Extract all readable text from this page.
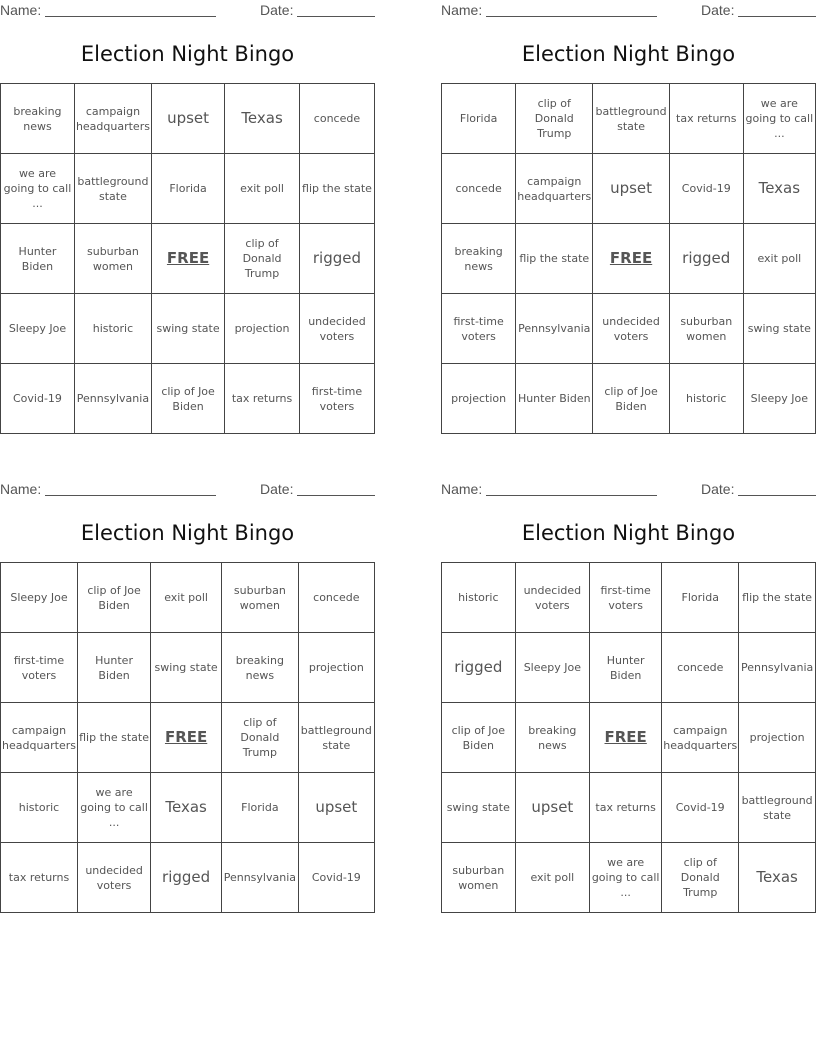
Name:	Date:
Election Night Bingo
breaking news	campaign headquarters	upset	Texas	concede
we are going to call ...	battleground state	Florida	exit poll	flip the state
Hunter Biden	suburban women	FREE	clip of Donald Trump	rigged
Sleepy Joe	historic	swing state	projection	undecided voters
Covid-19	Pennsylvania	clip of Joe Biden	tax returns	first-time voters
Name:	Date:
Election Night Bingo
Florida	clip of Donald Trump	battleground state	tax returns	we are going to call ...
concede	campaign headquarters	upset	Covid-19	Texas
breaking news	flip the state	FREE	rigged	exit poll
first-time voters	Pennsylvania	undecided voters	suburban women	swing state
projection	Hunter Biden	clip of Joe Biden	historic	Sleepy Joe
Name:	Date:
Election Night Bingo
Sleepy Joe	clip of Joe Biden	exit poll	suburban women	concede
first-time voters	Hunter Biden	swing state	breaking news	projection
campaign headquarters	flip the state	FREE	clip of Donald Trump	battleground state
historic	we are going to call ...	Texas	Florida	upset
tax returns	undecided voters	rigged	Pennsylvania	Covid-19
Name:	Date:
Election Night Bingo
historic	undecided voters	first-time voters	Florida	flip the state
rigged	Sleepy Joe	Hunter Biden	concede	Pennsylvania
clip of Joe Biden	breaking news	FREE	campaign headquarters	projection
swing state	upset	tax returns	Covid-19	battleground state
suburban women	exit poll	we are going to call ...	clip of Donald Trump	Texas
